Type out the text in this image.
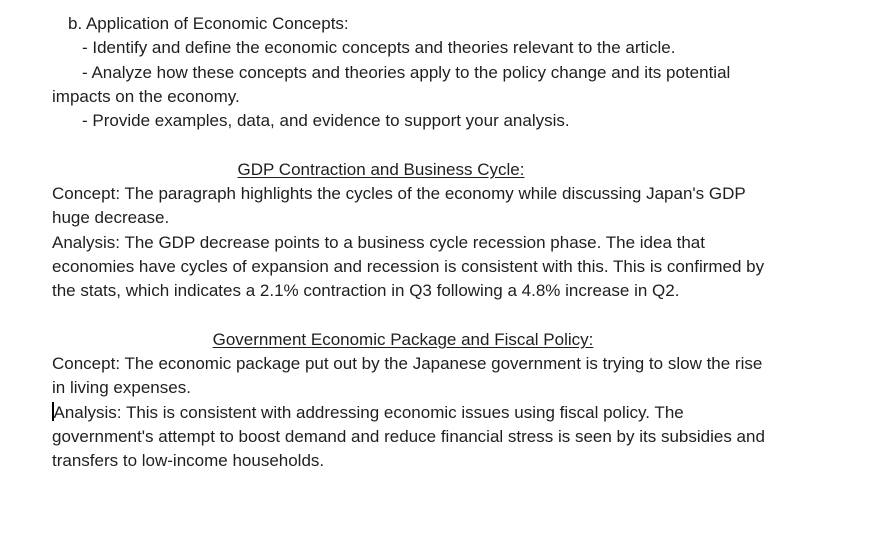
b. Application of Economic Concepts:

- Identify and define the economic concepts and theories relevant to the article.

- Analyze how these concepts and theories apply to the policy change and its potential

impacts on the economy.

- Provide examples, data, and evidence to support your analysis.

GDP Contraction and Business Cycle:

Concept: The paragraph highlights the cycles of the economy while discussing Japan's GDP

huge decrease.

Analysis: The GDP decrease points to a business cycle recession phase. The idea that

economies have cycles of expansion and recession is consistent with this. This is confirmed by

the stats, which indicates a 2.1% contraction in Q3 following a 4.8% increase in Q2.

Government Economic Package and Fiscal Policy:

Concept: The economic package put out by the Japanese government is trying to slow the rise

in living expenses.

Analysis: This is consistent with addressing economic issues using fiscal policy. The

government's attempt to boost demand and reduce financial stress is seen by its subsidies and

transfers to low-income households.
